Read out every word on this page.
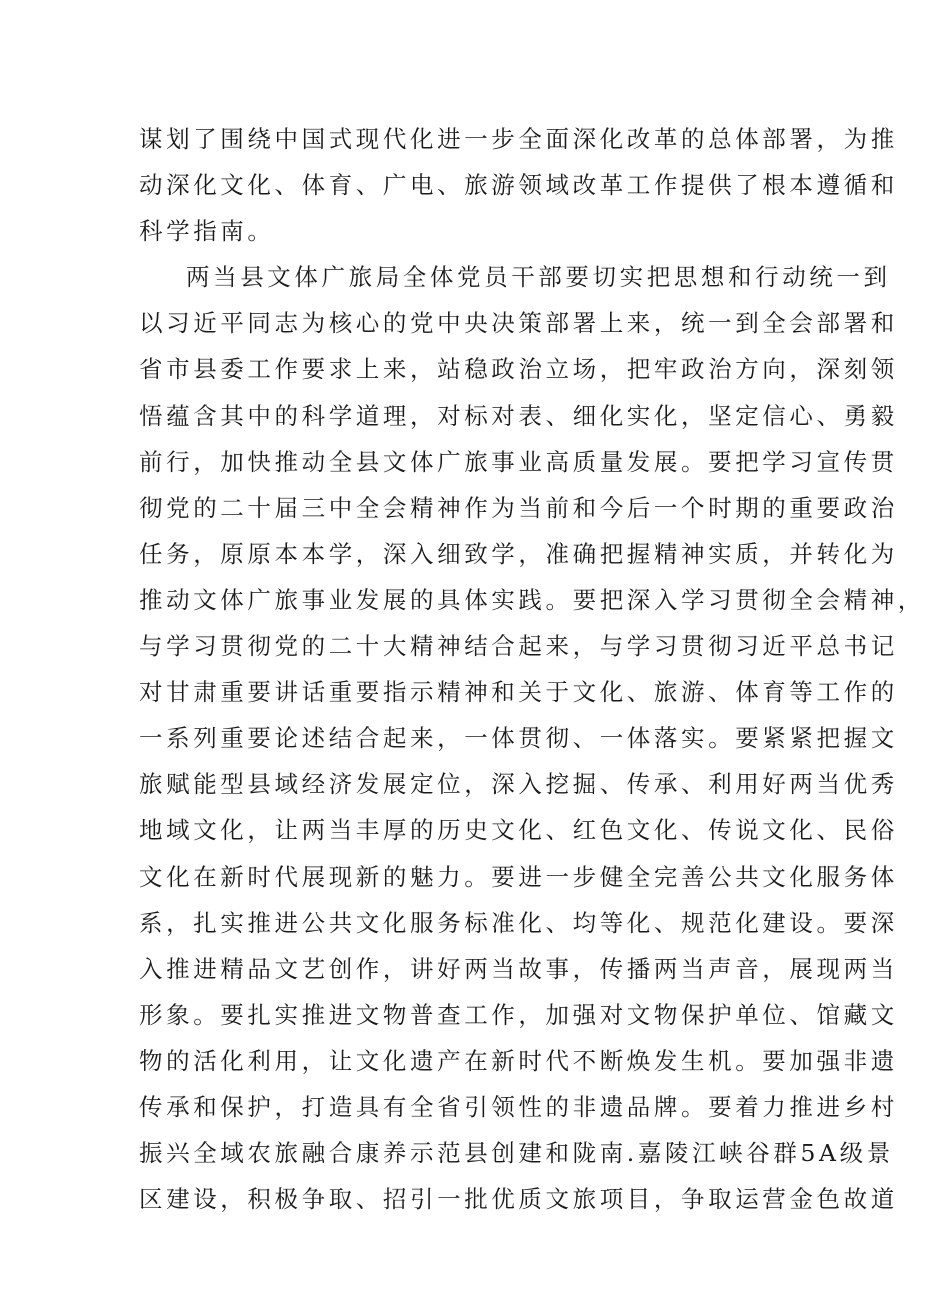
谋划了围绕中国式现代化进一步全面深化改革的总体部署，为推
动深化文化、体育、广电、旅游领域改革工作提供了根本遵循和
科学指南。
两当县文体广旅局全体党员干部要切实把思想和行动统一到
以习近平同志为核心的党中央决策部署上来，统一到全会部署和
省市县委工作要求上来，站稳政治立场，把牢政治方向，深刻领
悟蕴含其中的科学道理，对标对表、细化实化，坚定信心、勇毅
前行，加快推动全县文体广旅事业高质量发展。要把学习宣传贯
彻党的二十届三中全会精神作为当前和今后一个时期的重要政治
任务，原原本本学，深入细致学，准确把握精神实质，并转化为
推动文体广旅事业发展的具体实践。要把深入学习贯彻全会精神，
与学习贯彻党的二十大精神结合起来，与学习贯彻习近平总书记
对甘肃重要讲话重要指示精神和关于文化、旅游、体育等工作的
一系列重要论述结合起来，一体贯彻、一体落实。要紧紧把握文
旅赋能型县域经济发展定位，深入挖掘、传承、利用好两当优秀
地域文化，让两当丰厚的历史文化、红色文化、传说文化、民俗
文化在新时代展现新的魅力。要进一步健全完善公共文化服务体
系，扎实推进公共文化服务标准化、均等化、规范化建设。要深
入推进精品文艺创作，讲好两当故事，传播两当声音，展现两当
形象。要扎实推进文物普查工作，加强对文物保护单位、馆藏文
物的活化利用，让文化遗产在新时代不断焕发生机。要加强非遗
传承和保护，打造具有全省引领性的非遗品牌。要着力推进乡村
振兴全域农旅融合康养示范县创建和陇南.嘉陵江峡谷群5A级景
区建设，积极争取、招引一批优质文旅项目，争取运营金色故道
